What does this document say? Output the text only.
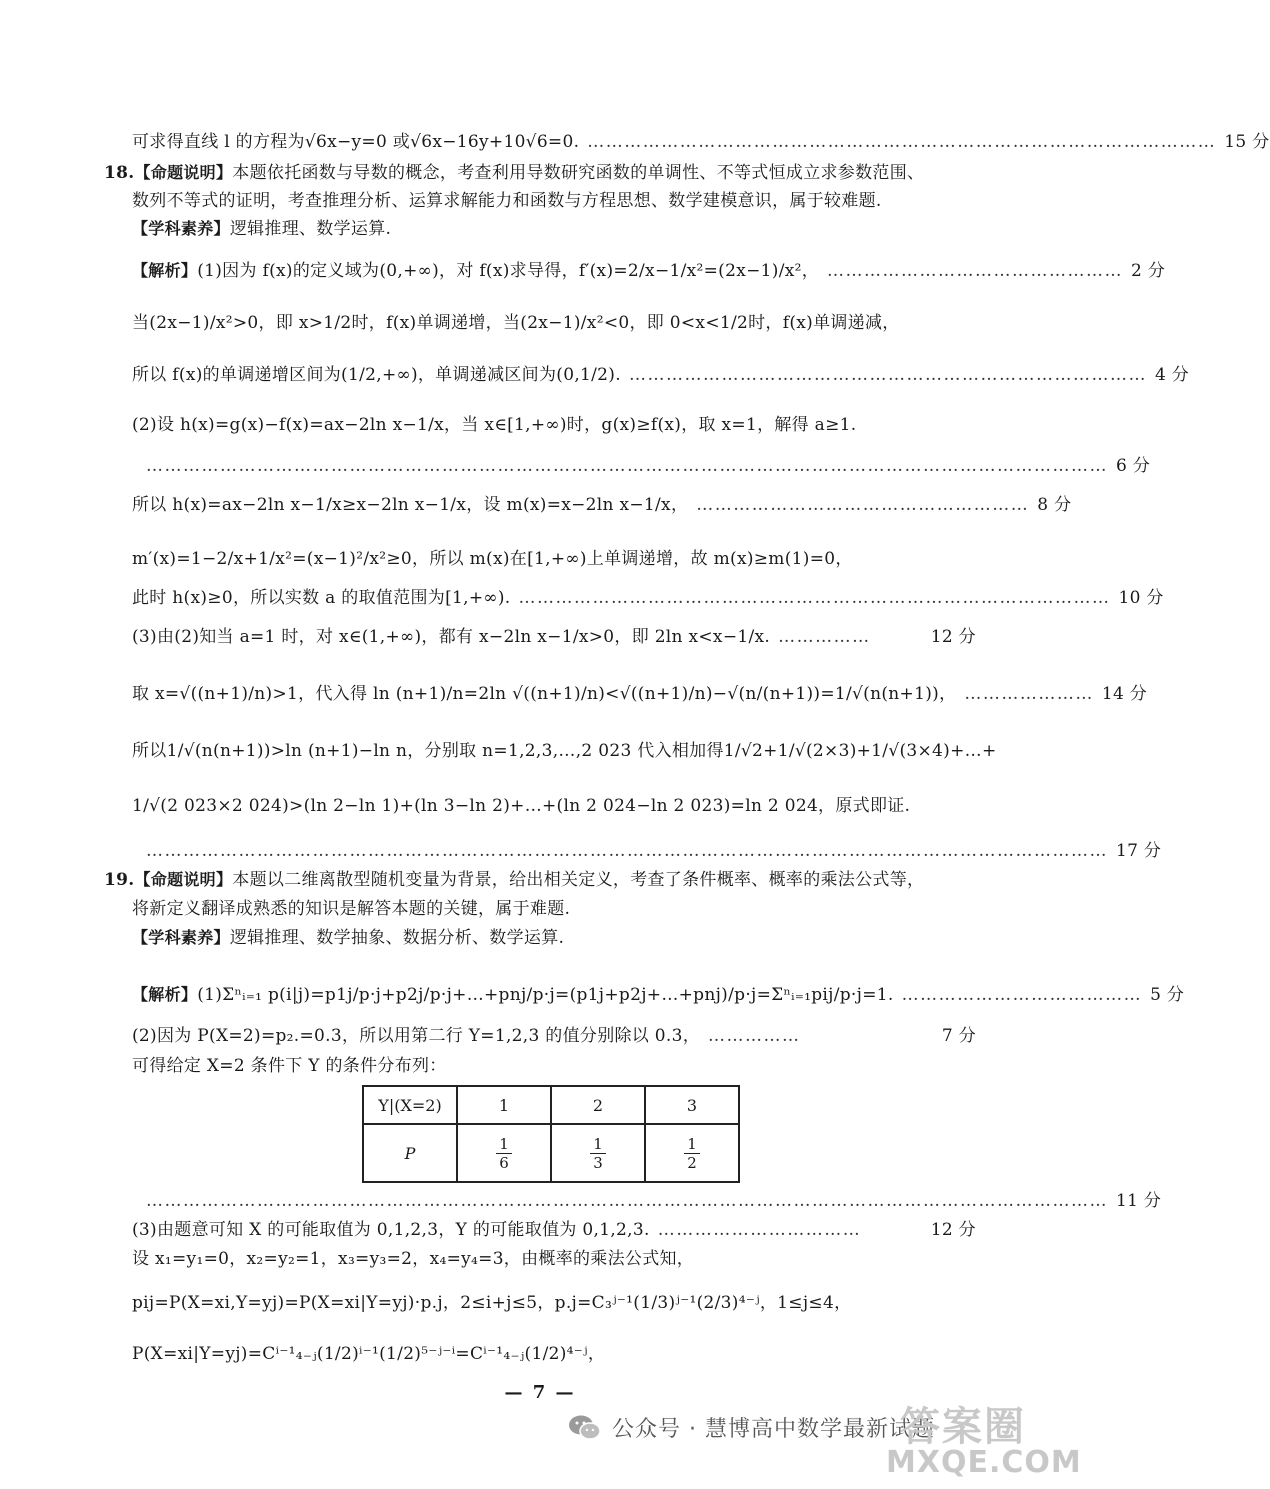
可求得直线 l 的方程为√6x−y=0 或√6x−16y+10√6=0. ………………………………………………………………………………………… 15 分
18.【命题说明】本题依托函数与导数的概念，考查利用导数研究函数的单调性、不等式恒成立求参数范围、
数列不等式的证明，考查推理分析、运算求解能力和函数与方程思想、数学建模意识，属于较难题.
【学科素养】逻辑推理、数学运算.
【解析】(1)因为 f(x)的定义域为(0,+∞)，对 f(x)求导得，f′(x)=2/x−1/x²=(2x−1)/x²， ………………………………………… 2 分
当(2x−1)/x²>0，即 x>1/2时，f(x)单调递增，当(2x−1)/x²<0，即 0<x<1/2时，f(x)单调递减，
所以 f(x)的单调递增区间为(1/2,+∞)，单调递减区间为(0,1/2). ………………………………………………………………………… 4 分
(2)设 h(x)=g(x)−f(x)=ax−2ln x−1/x，当 x∈[1,+∞)时，g(x)≥f(x)，取 x=1，解得 a≥1.
………………………………………………………………………………………………………………………………………… 6 分
所以 h(x)=ax−2ln x−1/x≥x−2ln x−1/x，设 m(x)=x−2ln x−1/x， ……………………………………………… 8 分
m′(x)=1−2/x+1/x²=(x−1)²/x²≥0，所以 m(x)在[1,+∞)上单调递增，故 m(x)≥m(1)=0，
此时 h(x)≥0，所以实数 a 的取值范围为[1,+∞). …………………………………………………………………………………… 10 分
(3)由(2)知当 a=1 时，对 x∈(1,+∞)，都有 x−2ln x−1/x>0，即 2ln x<x−1/x. ……………	12 分
取 x=√((n+1)/n)>1，代入得 ln (n+1)/n=2ln √((n+1)/n)<√((n+1)/n)−√(n/(n+1))=1/√(n(n+1))， ………………… 14 分
所以1/√(n(n+1))>ln (n+1)−ln n，分别取 n=1,2,3,…,2 023 代入相加得1/√2+1/√(2×3)+1/√(3×4)+…+
1/√(2 023×2 024)>(ln 2−ln 1)+(ln 3−ln 2)+…+(ln 2 024−ln 2 023)=ln 2 024，原式即证.
………………………………………………………………………………………………………………………………………… 17 分
19.【命题说明】本题以二维离散型随机变量为背景，给出相关定义，考查了条件概率、概率的乘法公式等，
将新定义翻译成熟悉的知识是解答本题的关键，属于难题.
【学科素养】逻辑推理、数学抽象、数据分析、数学运算.
【解析】(1)Σⁿᵢ₌₁ p(i|j)=p1j/p·j+p2j/p·j+…+pnj/p·j=(p1j+p2j+…+pnj)/p·j=Σⁿᵢ₌₁pij/p·j=1. ………………………………… 5 分
(2)因为 P(X=2)=p₂.=0.3，所以用第二行 Y=1,2,3 的值分别除以 0.3， ……………	7 分
可得给定 X=2 条件下 Y 的条件分布列：
Y|(X=2)	1	2	3
P	$\frac{1}{6}$	$\frac{1}{3}$	$\frac{1}{2}$
………………………………………………………………………………………………………………………………………… 11 分
(3)由题意可知 X 的可能取值为 0,1,2,3，Y 的可能取值为 0,1,2,3. ……………………………	12 分
设 x₁=y₁=0，x₂=y₂=1，x₃=y₃=2，x₄=y₄=3，由概率的乘法公式知，
pij=P(X=xi,Y=yj)=P(X=xi|Y=yj)·p.j，2≤i+j≤5，p.j=C₃ʲ⁻¹(1/3)ʲ⁻¹(2/3)⁴⁻ʲ，1≤j≤4，
P(X=xi|Y=yj)=Cⁱ⁻¹₄₋ⱼ(1/2)ⁱ⁻¹(1/2)⁵⁻ʲ⁻ⁱ=Cⁱ⁻¹₄₋ⱼ(1/2)⁴⁻ʲ，
— 7 —
公众号 · 慧博高中数学最新试题
答案圈
MXQE.COM
